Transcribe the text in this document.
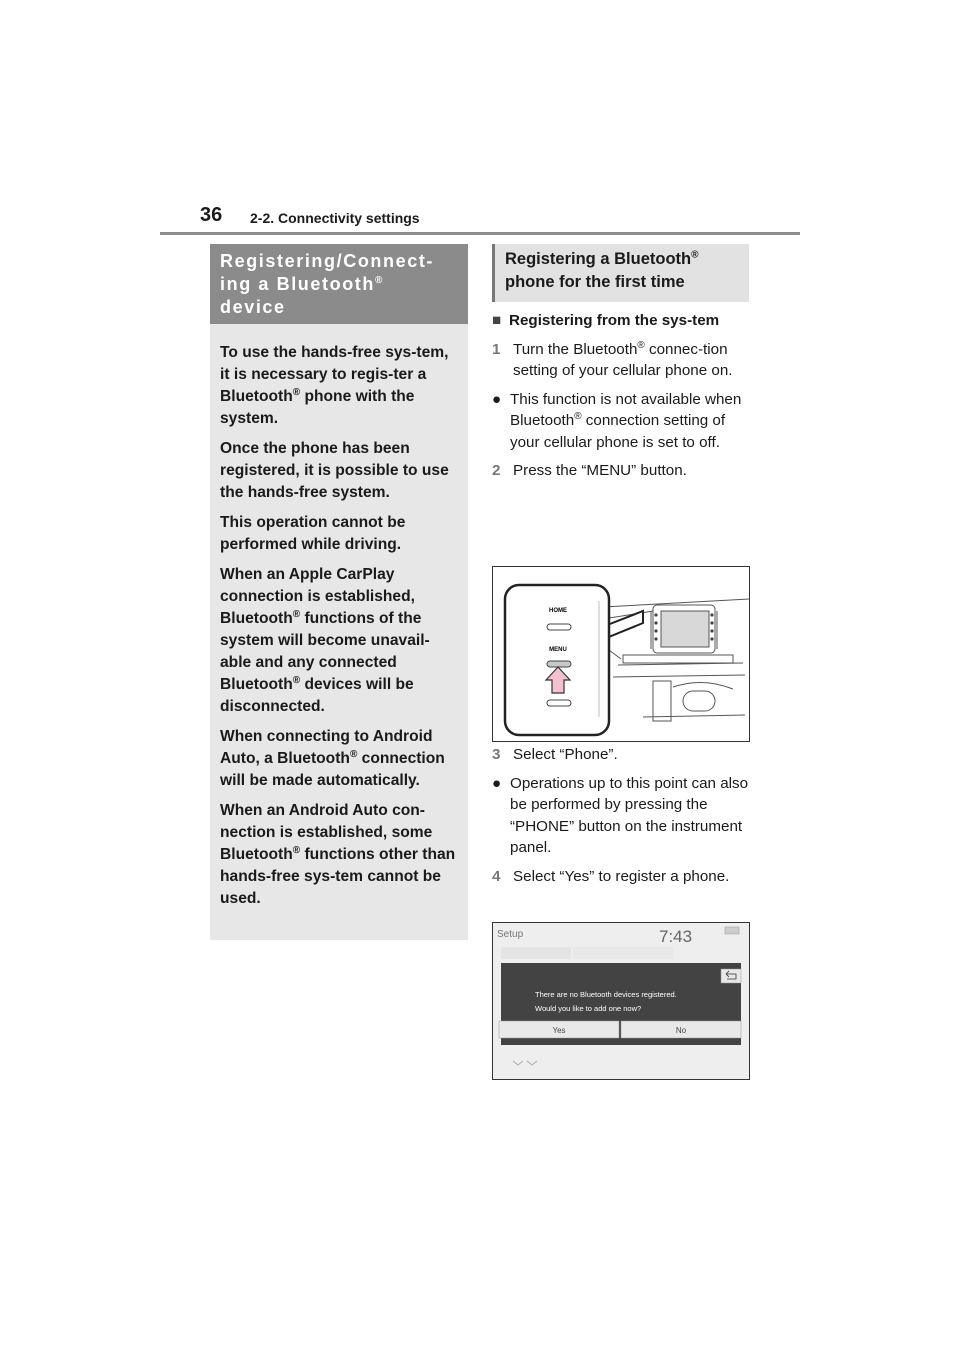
36 2-2. Connectivity settings
Registering/Connect-
ing a Bluetooth®
device

To use the hands-free sys-tem, it is necessary to regis-ter a Bluetooth® phone with the system.

Once the phone has been registered, it is possible to use the hands-free system.

This operation cannot be performed while driving.

When an Apple CarPlay connection is established, Bluetooth® functions of the system will become unavail-able and any connected Bluetooth® devices will be disconnected.

When connecting to Android Auto, a Bluetooth® connection will be made automatically.

When an Android Auto con-nection is established, some Bluetooth® functions other than hands-free sys-tem cannot be used.

Registering a Bluetooth®
phone for the first time
■ Registering from the sys-tem
1 Turn the Bluetooth® connec-tion setting of your cellular phone on.
● This function is not available when Bluetooth® connection setting of your cellular phone is set to off.
2 Press the “MENU” button.
HOME
MENU
3 Select “Phone”.
● Operations up to this point can also be performed by pressing the “PHONE” button on the instrument panel.
4 Select “Yes” to register a phone.
Setup	7:43
There are no Bluetooth devices registered.
Would you like to add one now?
Yes	No
